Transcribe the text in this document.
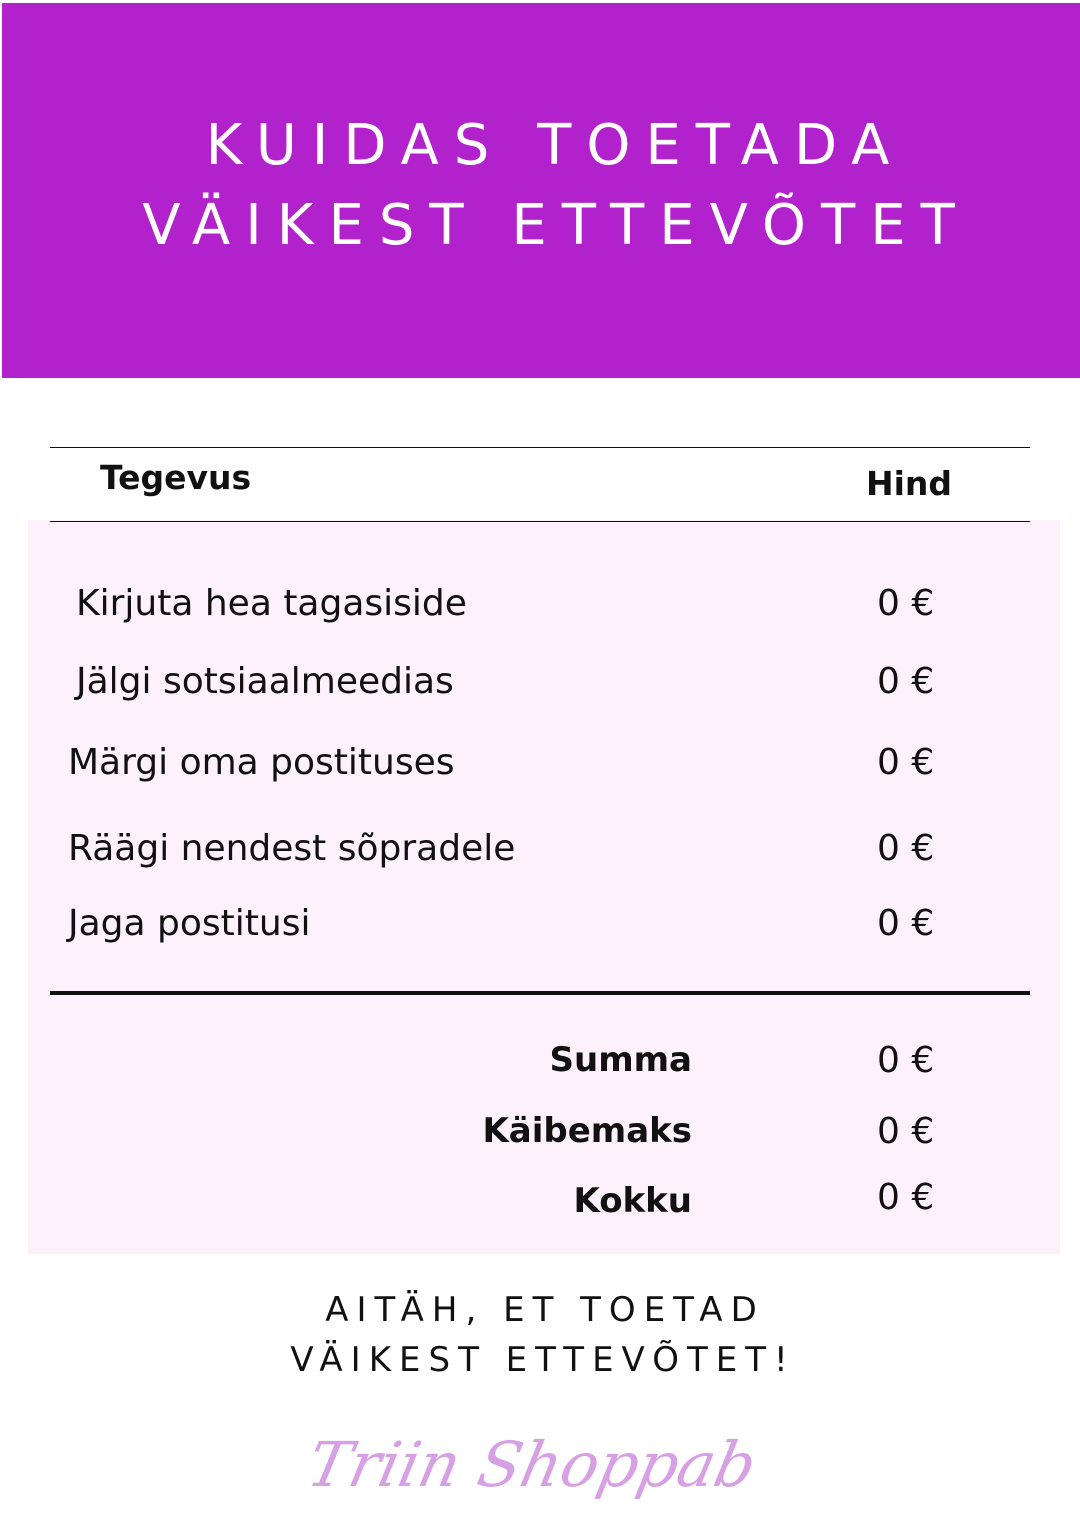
KUIDAS TOETADA
VÄIKEST ETTEVÕTET
Tegevus	Hind
Kirjuta hea tagasiside	0 €
Jälgi sotsiaalmeedias	0 €
Märgi oma postituses	0 €
Räägi nendest sõpradele	0 €
Jaga postitusi	0 €
Summa	0 €
Käibemaks	0 €
Kokku	0 €

AITÄH, ET TOETAD

VÄIKEST ETTEVÕTET!

Triin Shoppab
